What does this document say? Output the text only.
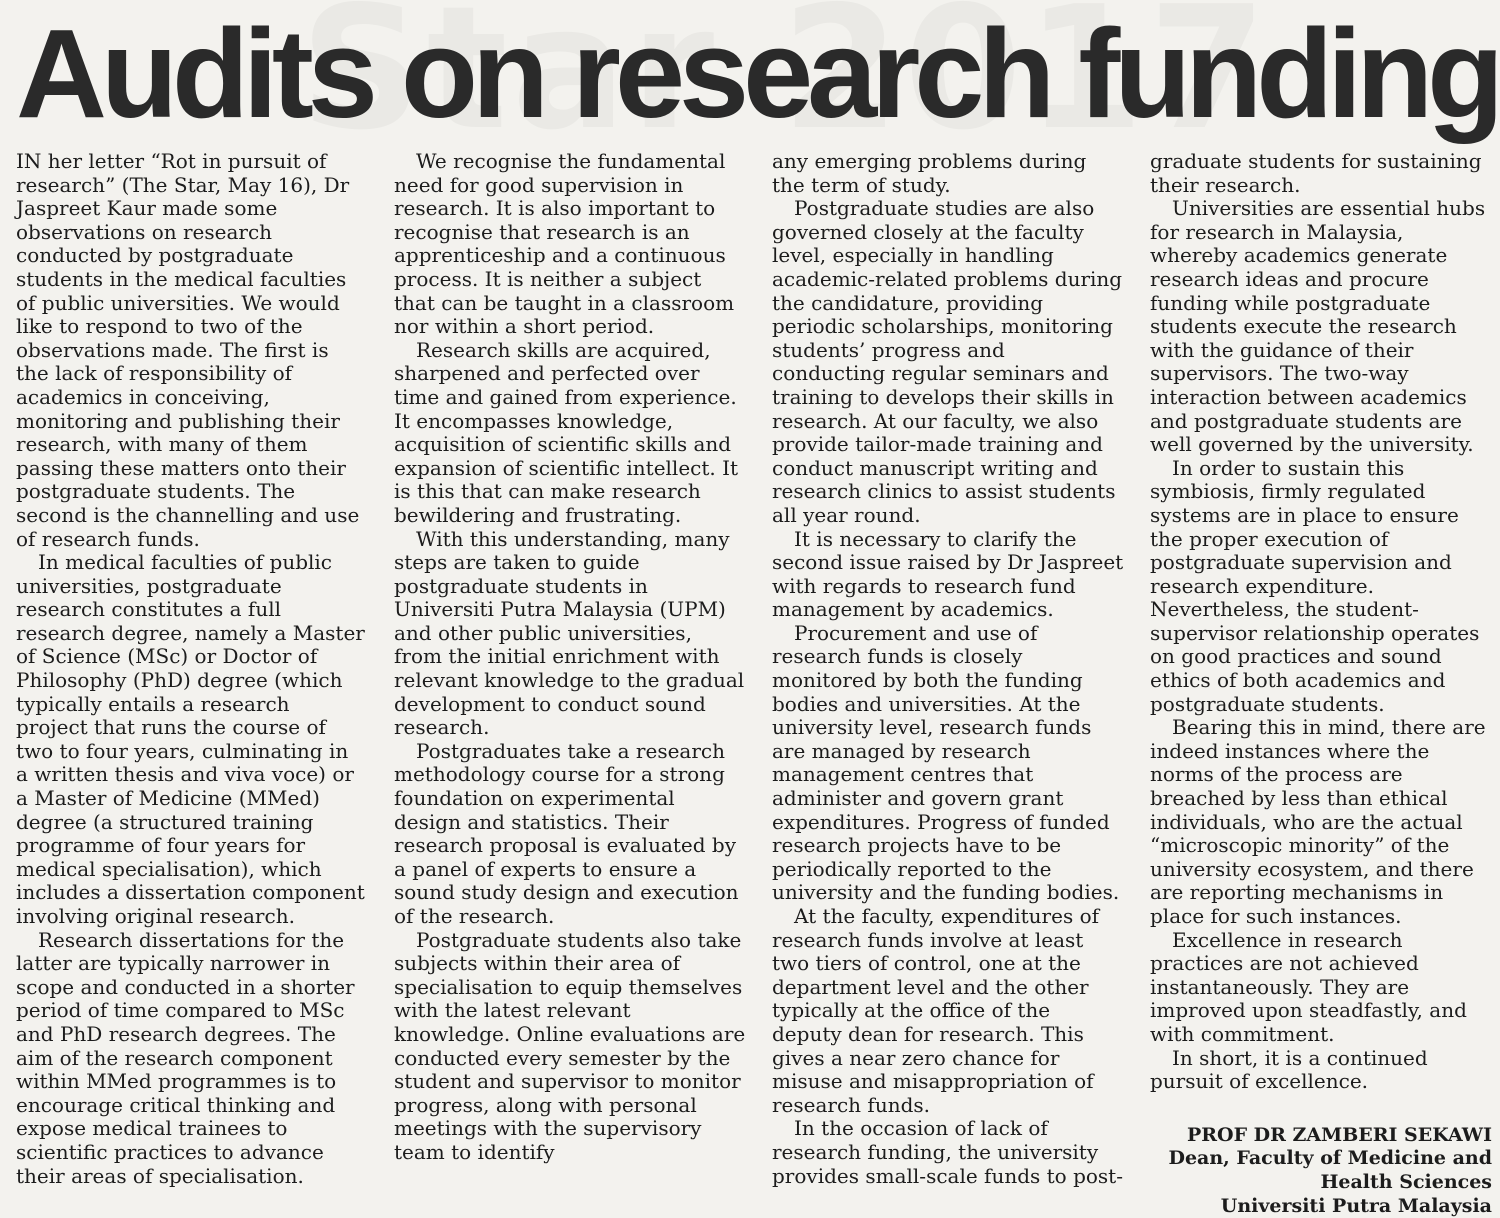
Audits on research funding

IN her letter “Rot in pursuit of research” (The Star, May 16), Dr Jaspreet Kaur made some observations on research conducted by postgraduate students in the medical faculties of public universities. We would like to respond to two of the observations made. The first is the lack of responsibility of academics in conceiving, monitoring and publishing their research, with many of them passing these matters onto their postgraduate students. The second is the channelling and use of research funds.

In medical faculties of public universities, postgraduate research constitutes a full research degree, namely a Master of Science (MSc) or Doctor of Philosophy (PhD) degree (which typically entails a research project that runs the course of two to four years, culminating in a written thesis and viva voce) or a Master of Medicine (MMed) degree (a structured training programme of four years for medical specialisation), which includes a dissertation component involving original research.

Research dissertations for the latter are typically narrower in scope and conducted in a shorter period of time compared to MSc and PhD research degrees. The aim of the research component within MMed programmes is to encourage critical thinking and expose medical trainees to scientific practices to advance their areas of specialisation.

We recognise the fundamental need for good supervision in research. It is also important to recognise that research is an apprenticeship and a continuous process. It is neither a subject that can be taught in a classroom nor within a short period.

Research skills are acquired, sharpened and perfected over time and gained from experience. It encompasses knowledge, acquisition of scientific skills and expansion of scientific intellect. It is this that can make research bewildering and frustrating.

With this understanding, many steps are taken to guide postgraduate students in Universiti Putra Malaysia (UPM) and other public universities, from the initial enrichment with relevant knowledge to the gradual development to conduct sound research.

Postgraduates take a research methodology course for a strong foundation on experimental design and statistics. Their research proposal is evaluated by a panel of experts to ensure a sound study design and execution of the research.

Postgraduate students also take subjects within their area of specialisation to equip themselves with the latest relevant knowledge. Online evaluations are conducted every semester by the student and supervisor to monitor progress, along with personal meetings with the supervisory team to identify

any emerging problems during the term of study.

Postgraduate studies are also governed closely at the faculty level, especially in handling academic-related problems during the candidature, providing periodic scholarships, monitoring students’ progress and conducting regular seminars and training to develops their skills in research. At our faculty, we also provide tailor-made training and conduct manuscript writing and research clinics to assist students all year round.

It is necessary to clarify the second issue raised by Dr Jaspreet with regards to research fund management by academics.

Procurement and use of research funds is closely monitored by both the funding bodies and universities. At the university level, research funds are managed by research management centres that administer and govern grant expenditures. Progress of funded research projects have to be periodically reported to the university and the funding bodies.

At the faculty, expenditures of research funds involve at least two tiers of control, one at the department level and the other typically at the office of the deputy dean for research. This gives a near zero chance for misuse and misappropriation of research funds.

In the occasion of lack of research funding, the university provides small-scale funds to post-

graduate students for sustaining their research.

Universities are essential hubs for research in Malaysia, whereby academics generate research ideas and procure funding while postgraduate students execute the research with the guidance of their supervisors. The two-way interaction between academics and postgraduate students are well governed by the university.

In order to sustain this symbiosis, firmly regulated systems are in place to ensure the proper execution of postgraduate supervision and research expenditure. Nevertheless, the student-supervisor relationship operates on good practices and sound ethics of both academics and postgraduate students.

Bearing this in mind, there are indeed instances where the norms of the process are breached by less than ethical individuals, who are the actual “microscopic minority” of the university ecosystem, and there are reporting mechanisms in place for such instances.

Excellence in research practices are not achieved instantaneously. They are improved upon steadfastly, and with commitment.

In short, it is a continued pursuit of excellence.

PROF DR ZAMBERI SEKAWI
Dean, Faculty of Medicine and
Health Sciences
Universiti Putra Malaysia
